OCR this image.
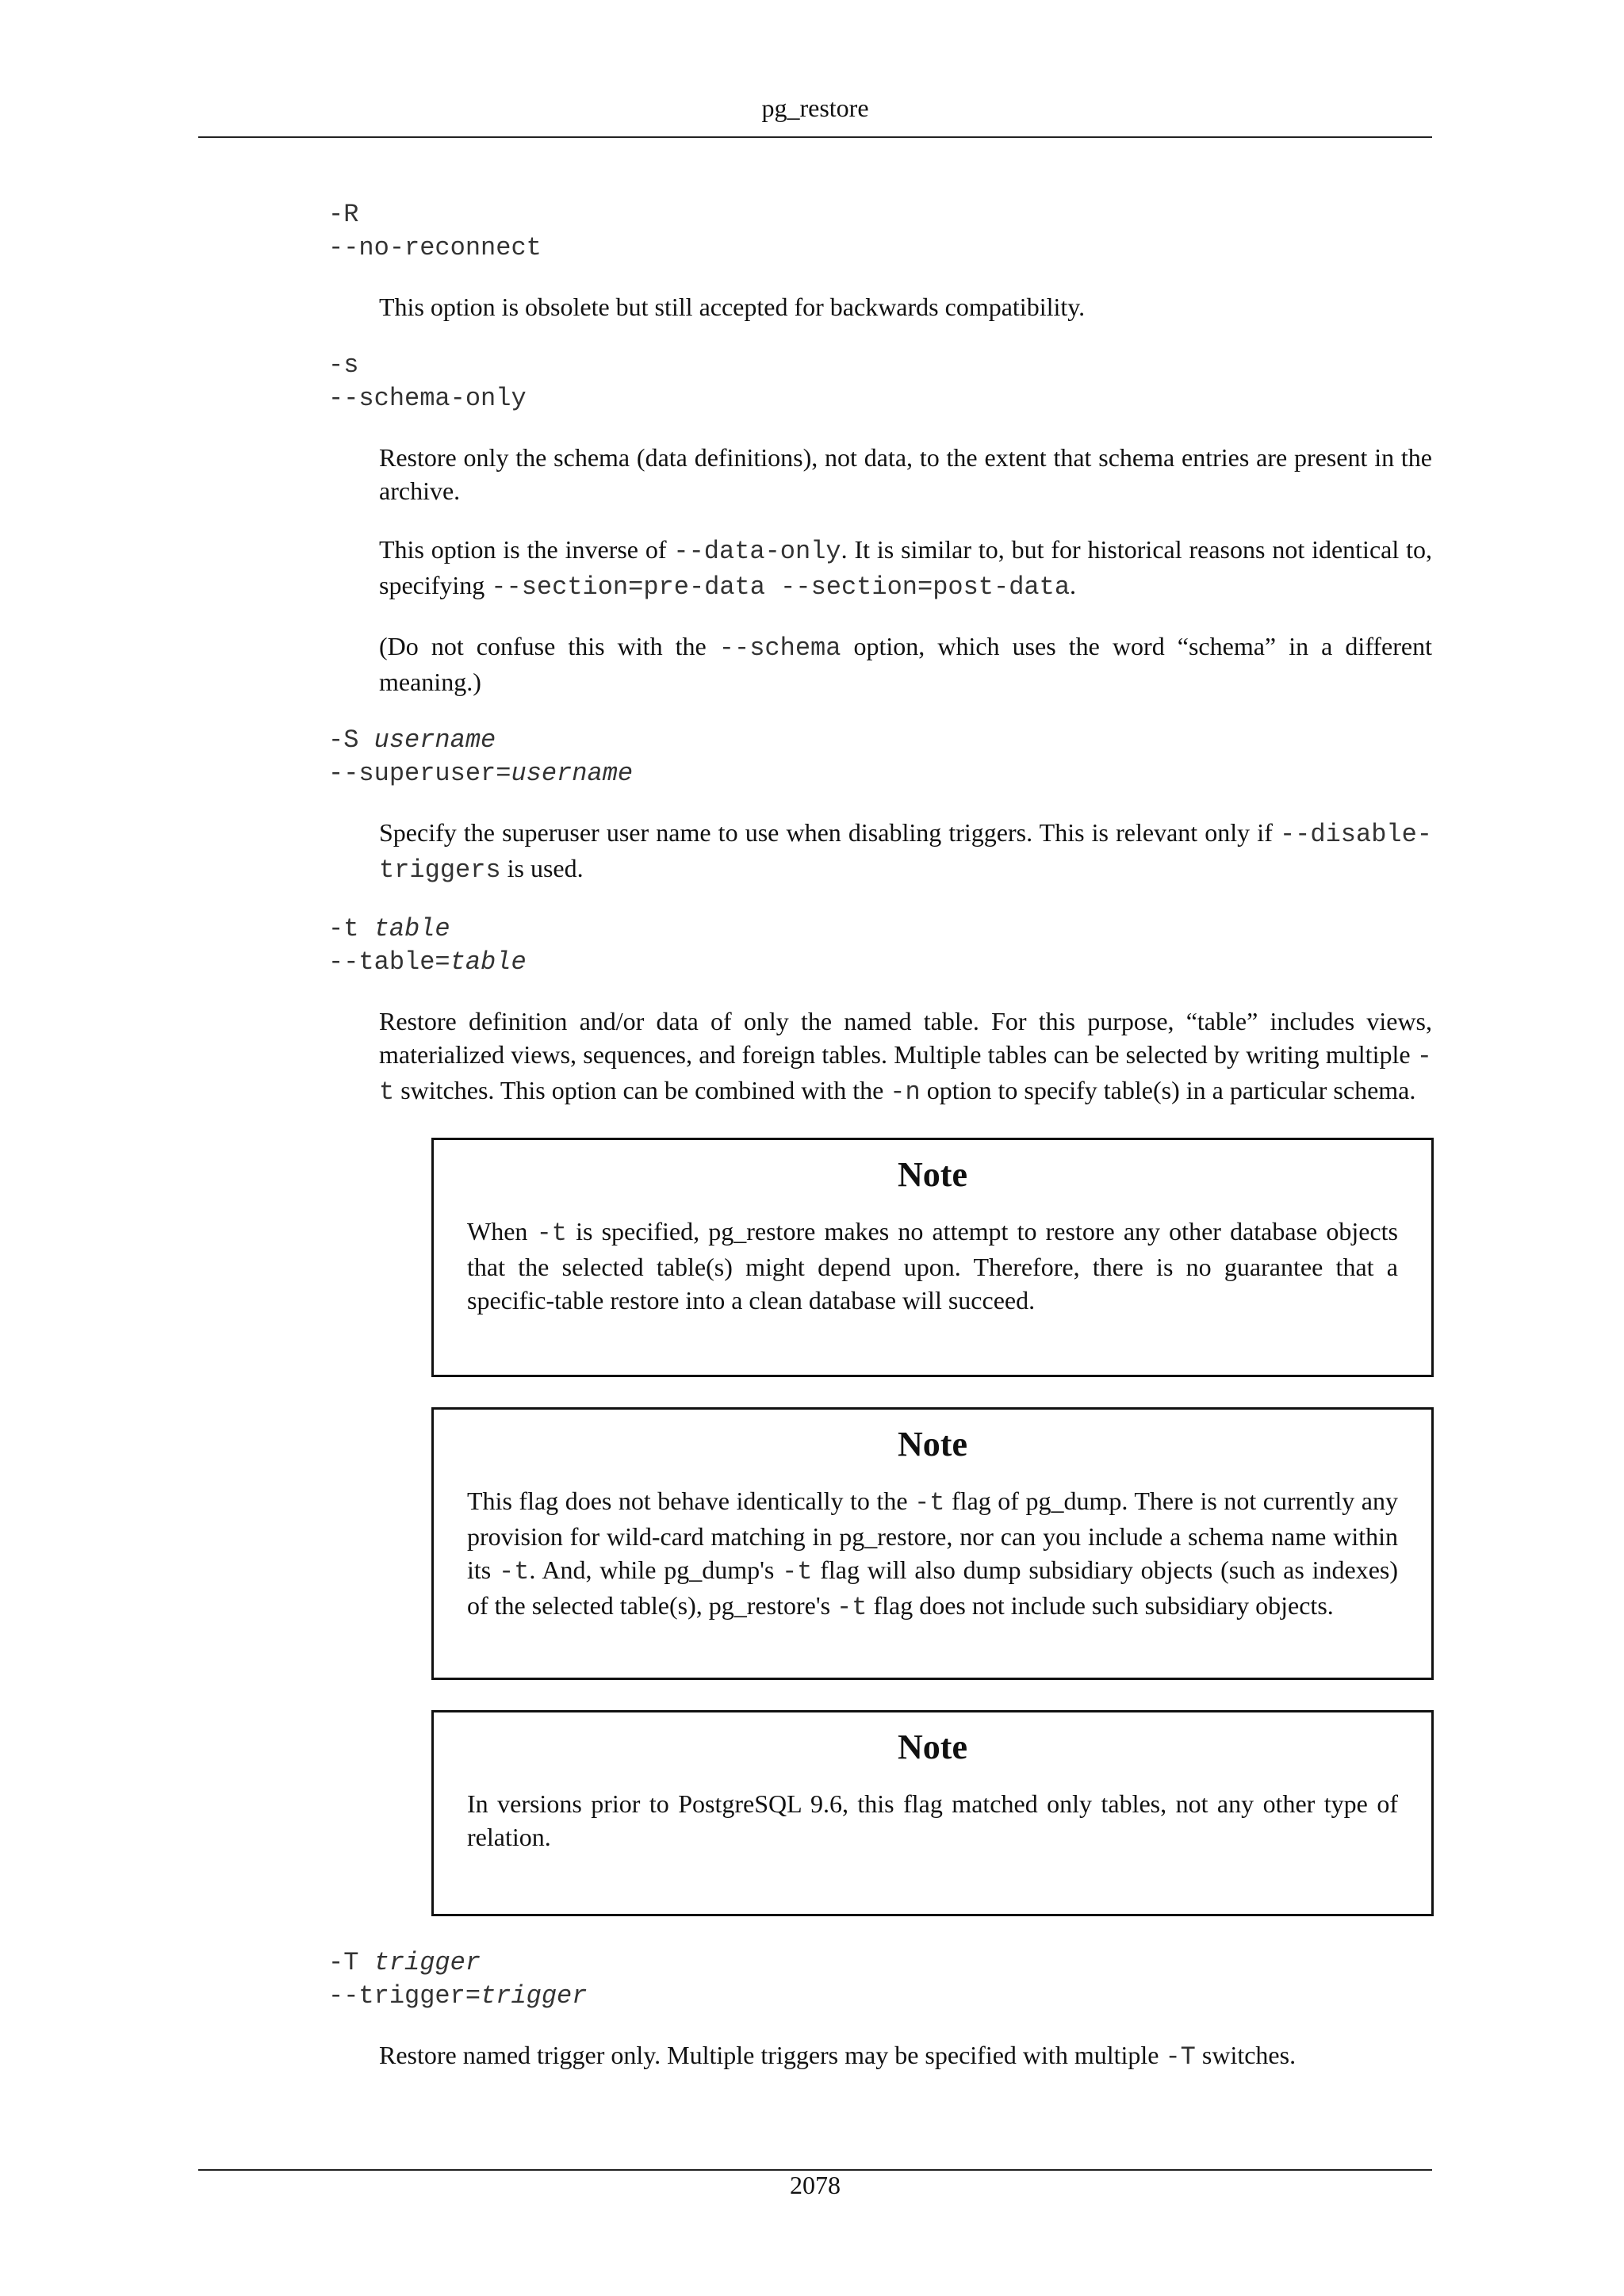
pg_restore
-R
--no-reconnect

This option is obsolete but still accepted for backwards compatibility.

-s
--schema-only

Restore only the schema (data definitions), not data, to the extent that schema entries are present in the archive.

This option is the inverse of --data-only. It is similar to, but for historical reasons not identical to, specifying --section=pre-data --section=post-data.

(Do not confuse this with the --schema option, which uses the word “schema” in a different meaning.)

-S username
--superuser=username

Specify the superuser user name to use when disabling triggers. This is relevant only if --disable-triggers is used.

-t table
--table=table

Restore definition and/or data of only the named table. For this purpose, “table” includes views, materialized views, sequences, and foreign tables. Multiple tables can be selected by writing multiple -t switches. This option can be combined with the -n option to specify table(s) in a particular schema.

Note

When -t is specified, pg_restore makes no attempt to restore any other database objects that the selected table(s) might depend upon. Therefore, there is no guarantee that a specific-table restore into a clean database will succeed.

Note

This flag does not behave identically to the -t flag of pg_dump. There is not currently any provision for wild-card matching in pg_restore, nor can you include a schema name within its -t. And, while pg_dump's -t flag will also dump subsidiary objects (such as indexes) of the selected table(s), pg_restore's -t flag does not include such subsidiary objects.

Note

In versions prior to PostgreSQL 9.6, this flag matched only tables, not any other type of relation.

-T trigger
--trigger=trigger

Restore named trigger only. Multiple triggers may be specified with multiple -T switches.

2078
